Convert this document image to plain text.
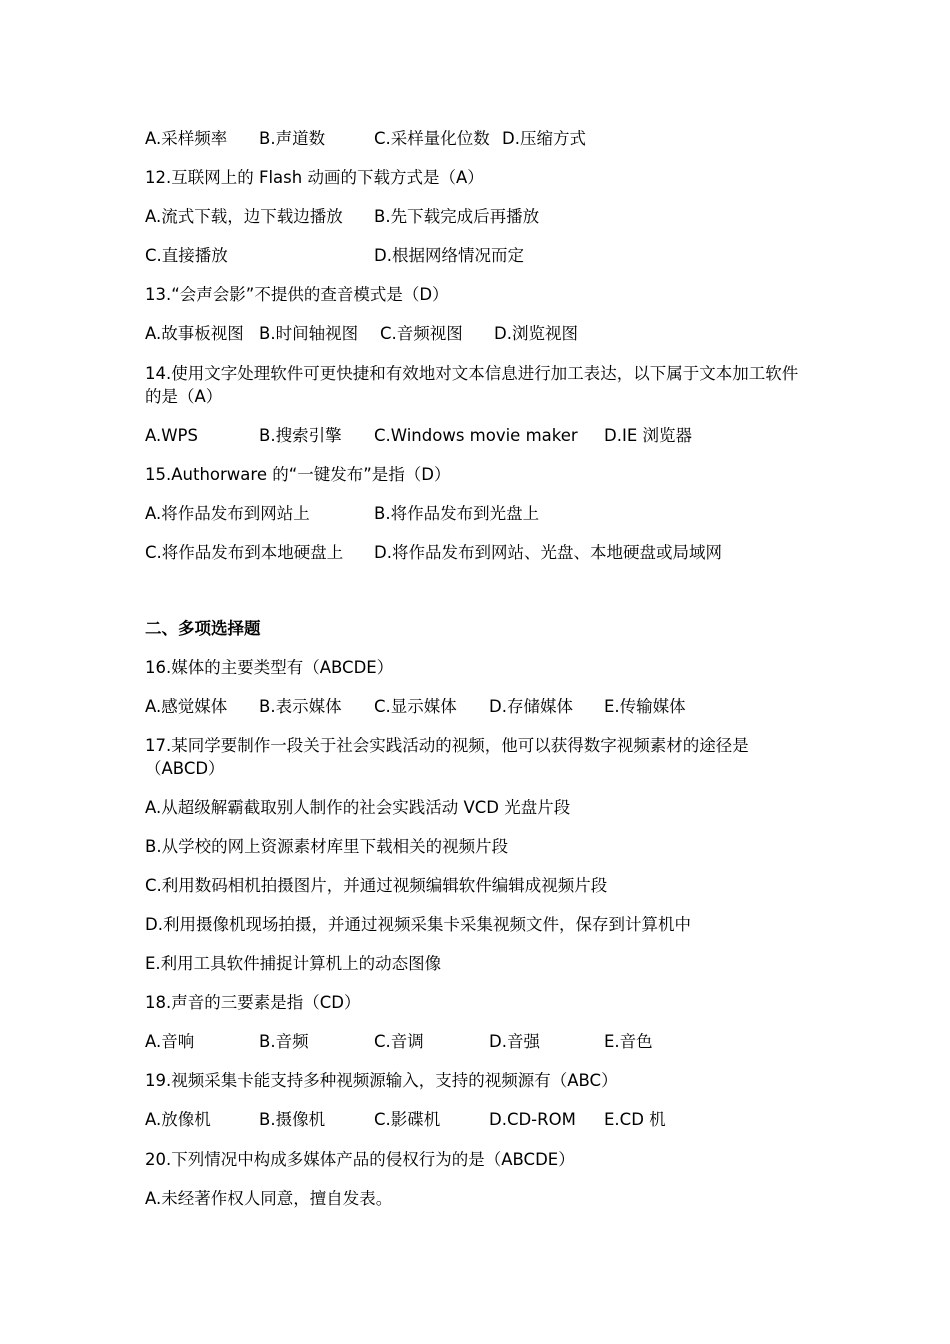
A.采样频率 B.声道数	C.采样量化位数 D.压缩方式
12.互联网上的 Flash 动画的下载方式是（A）
A.流式下载，边下载边播放 B.先下载完成后再播放
C.直接播放	D.根据网络情况而定
13.“会声会影”不提供的查音模式是（D）
A.故事板视图 B.时间轴视图 C.音频视图 D.浏览视图
14.使用文字处理软件可更快捷和有效地对文本信息进行加工表达，以下属于文本加工软件的是（A）
A.WPS	B.搜索引擎 C.Windows movie maker D.IE 浏览器
15.Authorware 的“一键发布”是指（D）
A.将作品发布到网站上	B.将作品发布到光盘上
C.将作品发布到本地硬盘上 D.将作品发布到网站、光盘、本地硬盘或局域网
二、多项选择题
16.媒体的主要类型有（ABCDE）
A.感觉媒体 B.表示媒体 C.显示媒体 D.存储媒体 E.传输媒体
17.某同学要制作一段关于社会实践活动的视频，他可以获得数字视频素材的途径是（ABCD）
A.从超级解霸截取别人制作的社会实践活动 VCD 光盘片段
B.从学校的网上资源素材库里下载相关的视频片段
C.利用数码相机拍摄图片，并通过视频编辑软件编辑成视频片段
D.利用摄像机现场拍摄，并通过视频采集卡采集视频文件，保存到计算机中
E.利用工具软件捕捉计算机上的动态图像
18.声音的三要素是指（CD）
A.音响	B.音频	C.音调	D.音强	E.音色
19.视频采集卡能支持多种视频源输入，支持的视频源有（ABC）
A.放像机	B.摄像机	C.影碟机	D.CD-ROM E.CD 机
20.下列情况中构成多媒体产品的侵权行为的是（ABCDE）
A.未经著作权人同意，擅自发表。
